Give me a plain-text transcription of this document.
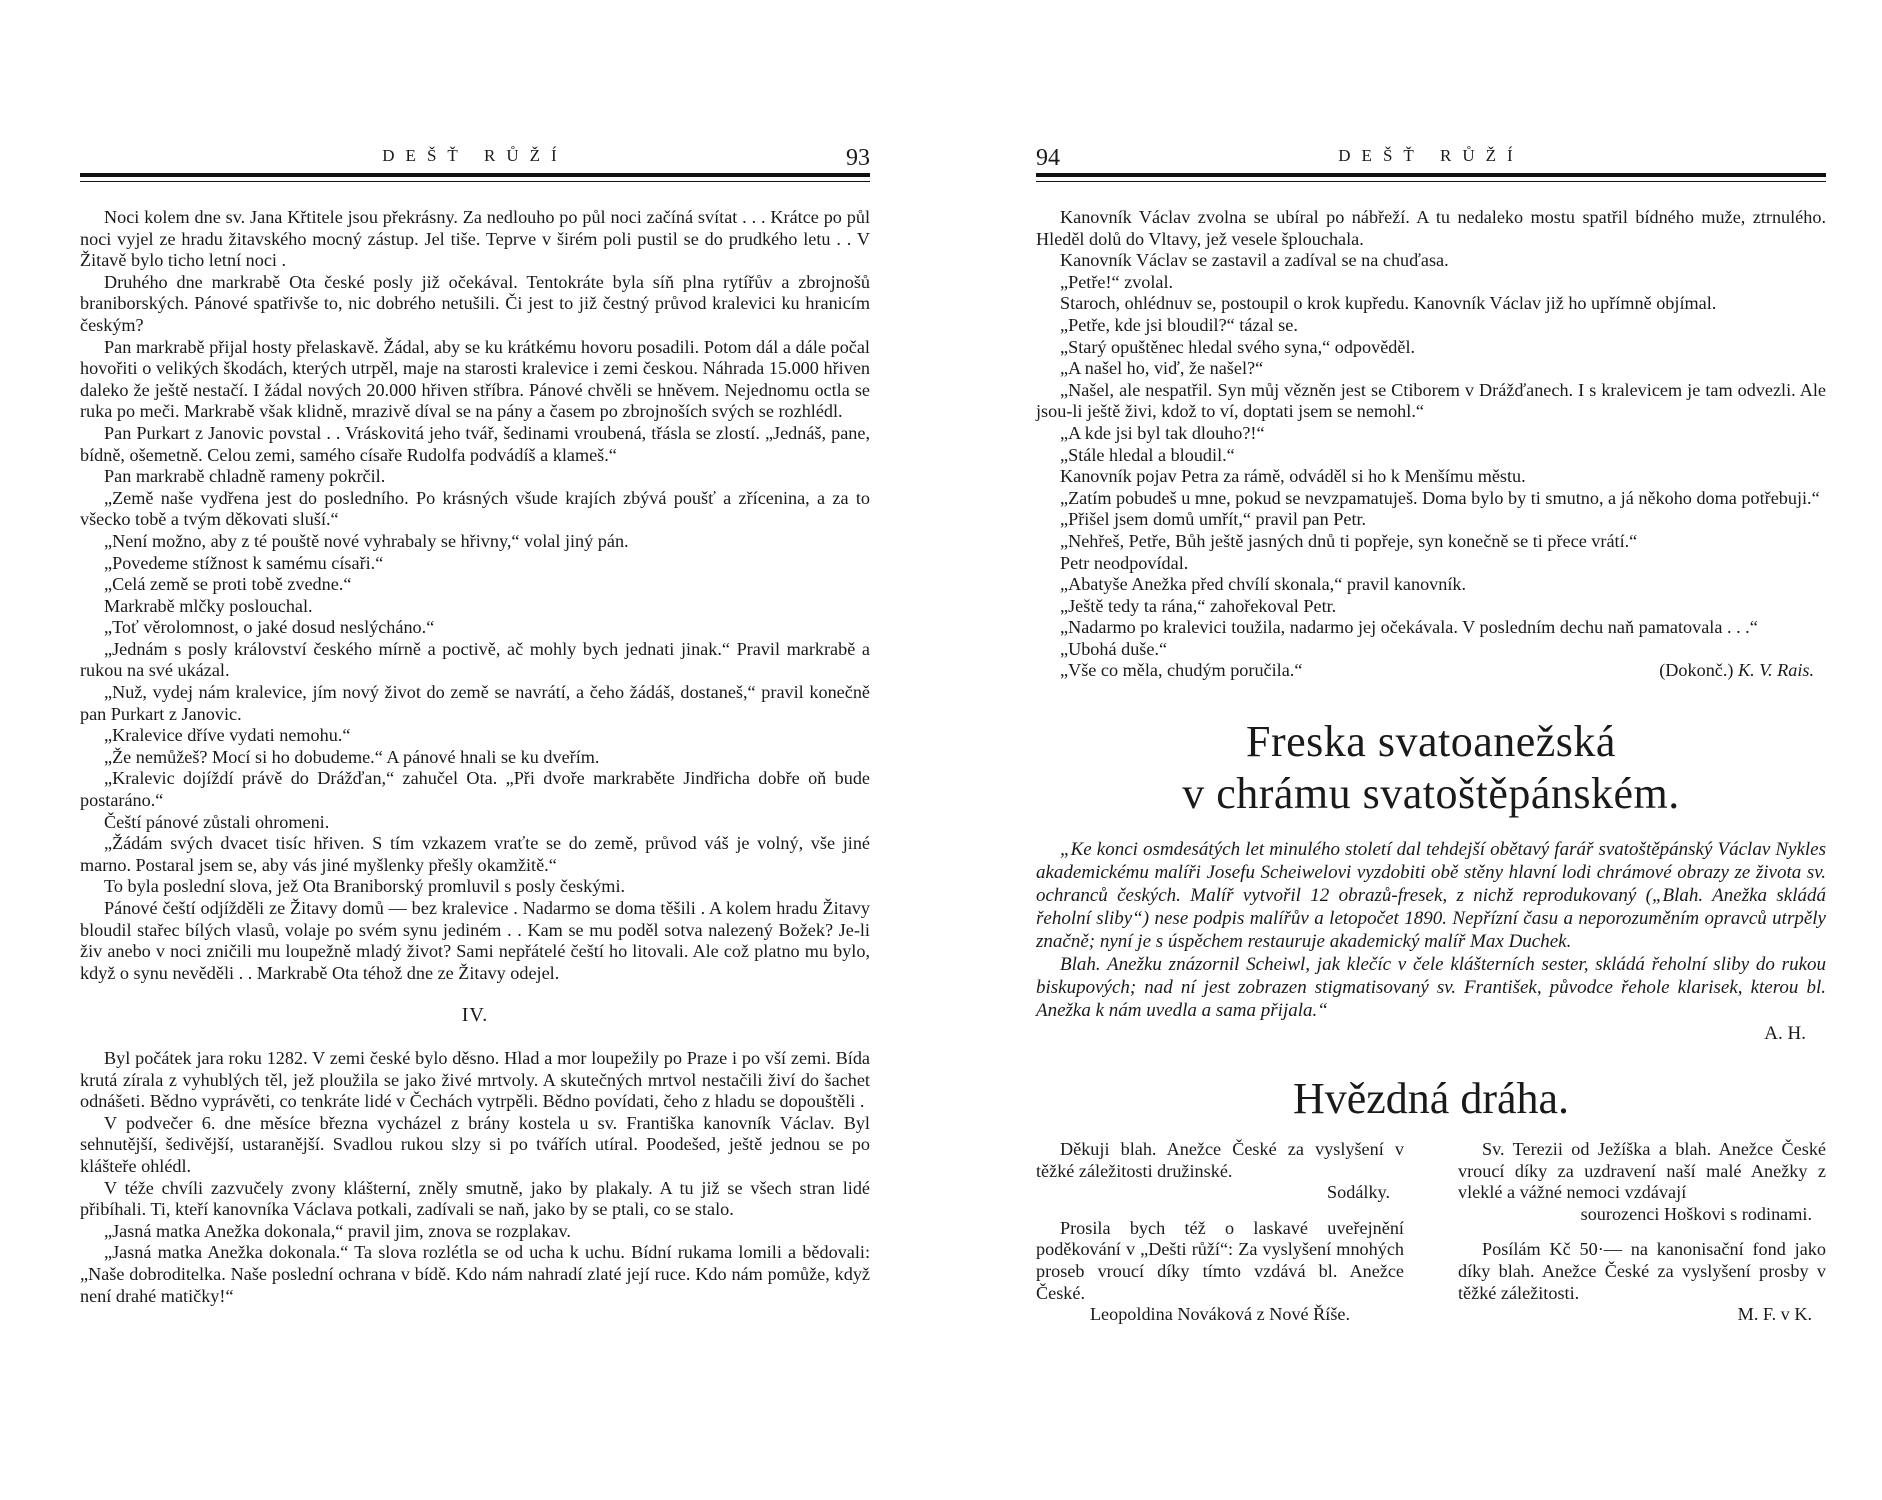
DEŠŤ RŮŽÍ	93

Noci kolem dne sv. Jana Křtitele jsou překrásny. Za nedlouho po půl noci začíná svítat . . . Krátce po půl noci vyjel ze hradu žitavského mocný zástup. Jel tiše. Teprve v širém poli pustil se do prudkého letu . . V Žitavě bylo ticho letní noci .

Druhého dne markrabě Ota české posly již očekával. Tentokráte byla síň plna rytířův a zbrojnošů braniborských. Pánové spatřivše to, nic dobrého netušili. Či jest to již čestný průvod kralevici ku hranicím českým?

Pan markrabě přijal hosty přelaskavě. Žádal, aby se ku krátkému hovoru posadili. Potom dál a dále počal hovořiti o velikých škodách, kterých utrpěl, maje na starosti kralevice i zemi českou. Náhrada 15.000 hřiven daleko že ještě nestačí. I žádal nových 20.000 hřiven stříbra. Pánové chvěli se hněvem. Nejednomu octla se ruka po meči. Markrabě však klidně, mrazivě díval se na pány a časem po zbrojnoších svých se rozhlédl.

Pan Purkart z Janovic povstal . . Vráskovitá jeho tvář, šedinami vroubená, třásla se zlostí. „Jednáš, pane, bídně, ošemetně. Celou zemi, samého císaře Rudolfa podvádíš a klameš.“

Pan markrabě chladně rameny pokrčil.

„Země naše vydřena jest do posledního. Po krásných všude krajích zbývá poušť a zřícenina, a za to všecko tobě a tvým děkovati sluší.“

„Není možno, aby z té pouště nové vyhrabaly se hřivny,“ volal jiný pán.

„Povedeme stížnost k samému císaři.“

„Celá země se proti tobě zvedne.“

Markrabě mlčky poslouchal.

„Toť věrolomnost, o jaké dosud neslýcháno.“

„Jednám s posly království českého mírně a poctivě, ač mohly bych jednati jinak.“ Pravil markrabě a rukou na své ukázal.

„Nuž, vydej nám kralevice, jím nový život do země se navrátí, a čeho žádáš, dostaneš,“ pravil konečně pan Purkart z Janovic.

„Kralevice dříve vydati nemohu.“

„Že nemůžeš? Mocí si ho dobudeme.“ A pánové hnali se ku dveřím.

„Kralevic dojíždí právě do Drážďan,“ zahučel Ota. „Při dvoře markraběte Jindřicha dobře oň bude postaráno.“

Čeští pánové zůstali ohromeni.

„Žádám svých dvacet tisíc hřiven. S tím vzkazem vraťte se do země, průvod váš je volný, vše jiné marno. Postaral jsem se, aby vás jiné myšlenky přešly okamžitě.“

To byla poslední slova, jež Ota Braniborský promluvil s posly českými.

Pánové čeští odjížděli ze Žitavy domů — bez kralevice . Nadarmo se doma těšili . A kolem hradu Žitavy bloudil stařec bílých vlasů, volaje po svém synu jediném . . Kam se mu poděl sotva nalezený Božek? Je-li živ anebo v noci zničili mu loupežně mladý život? Sami nepřátelé čeští ho litovali. Ale což platno mu bylo, když o synu nevěděli . . Markrabě Ota téhož dne ze Žitavy odejel.

IV.

Byl počátek jara roku 1282. V zemi české bylo děsno. Hlad a mor loupežily po Praze i po vší zemi. Bída krutá zírala z vyhublých těl, jež ploužila se jako živé mrtvoly. A skutečných mrtvol nestačili živí do šachet odnášeti. Bědno vyprávěti, co tenkráte lidé v Čechách vytrpěli. Bědno povídati, čeho z hladu se dopouštěli .

V podvečer 6. dne měsíce března vycházel z brány kostela u sv. Františka kanovník Václav. Byl sehnutější, šedivější, ustaranější. Svadlou rukou slzy si po tvářích utíral. Poodešed, ještě jednou se po klášteře ohlédl.

V téže chvíli zazvučely zvony klášterní, zněly smutně, jako by plakaly. A tu již se všech stran lidé přibíhali. Ti, kteří kanovníka Václava potkali, zadívali se naň, jako by se ptali, co se stalo.

„Jasná matka Anežka dokonala,“ pravil jim, znova se rozplakav.

„Jasná matka Anežka dokonala.“ Ta slova rozlétla se od ucha k uchu. Bídní rukama lomili a bědovali: „Naše dobroditelka. Naše poslední ochrana v bídě. Kdo nám nahradí zlaté její ruce. Kdo nám pomůže, když není drahé matičky!“

94	DEŠŤ RŮŽÍ

Kanovník Václav zvolna se ubíral po nábřeží. A tu nedaleko mostu spatřil bídného muže, ztrnulého. Hleděl dolů do Vltavy, jež vesele šplouchala.

Kanovník Václav se zastavil a zadíval se na chuďasa.

„Petře!“ zvolal.

Staroch, ohlédnuv se, postoupil o krok kupředu. Kanovník Václav již ho upřímně objímal.

„Petře, kde jsi bloudil?“ tázal se.

„Starý opuštěnec hledal svého syna,“ odpověděl.

„A našel ho, viď, že našel?“

„Našel, ale nespatřil. Syn můj vězněn jest se Ctiborem v Drážďanech. I s kralevicem je tam odvezli. Ale jsou-li ještě živi, kdož to ví, doptati jsem se nemohl.“

„A kde jsi byl tak dlouho?!“

„Stále hledal a bloudil.“

Kanovník pojav Petra za rámě, odváděl si ho k Menšímu městu.

„Zatím pobudeš u mne, pokud se nevzpamatuješ. Doma bylo by ti smutno, a já někoho doma potřebuji.“

„Přišel jsem domů umřít,“ pravil pan Petr.

„Nehřeš, Petře, Bůh ještě jasných dnů ti popřeje, syn konečně se ti přece vrátí.“

Petr neodpovídal.

„Abatyše Anežka před chvílí skonala,“ pravil kanovník.

„Ještě tedy ta rána,“ zahořekoval Petr.

„Nadarmo po kralevici toužila, nadarmo jej očekávala. V posledním dechu naň pamatovala . . .“

„Ubohá duše.“

„Vše co měla, chudým poručila.“	(Dokonč.) K. V. Rais.
Freska svatoanežská
v chrámu svatoštěpánském.

„Ke konci osmdesátých let minulého století dal tehdejší obětavý farář svatoštěpánský Václav Nykles akademickému malíři Josefu Scheiwelovi vyzdobiti obě stěny hlavní lodi chrámové obrazy ze života sv. ochranců českých. Malíř vytvořil 12 obrazů-fresek, z nichž reprodukovaný („Blah. Anežka skládá řeholní sliby“) nese podpis malířův a letopočet 1890. Nepřízní času a neporozuměním opravců utrpěly značně; nyní je s úspěchem restauruje akademický malíř Max Duchek.

Blah. Anežku znázornil Scheiwl, jak klečíc v čele klášterních sester, skládá řeholní sliby do rukou biskupových; nad ní jest zobrazen stigmatisovaný sv. František, původce řehole klarisek, kterou bl. Anežka k nám uvedla a sama přijala.“

A. H.
Hvězdná dráha.

Děkuji blah. Anežce České za vyslyšení v těžké záležitosti družinské.
Sodálky.

Prosila bych též o laskavé uveřejnění poděkování v „Dešti růží“: Za vyslyšení mnohých proseb vroucí díky tímto vzdává bl. Anežce České.
Leopoldina Nováková z Nové Říše.

Sv. Terezii od Ježíška a blah. Anežce České vroucí díky za uzdravení naší malé Anežky z vleklé a vážné nemoci vzdávají
sourozenci Hoškovi s rodinami.

Posílám Kč 50·— na kanonisační fond jako díky blah. Anežce České za vyslyšení prosby v těžké záležitosti.
M. F. v K.
